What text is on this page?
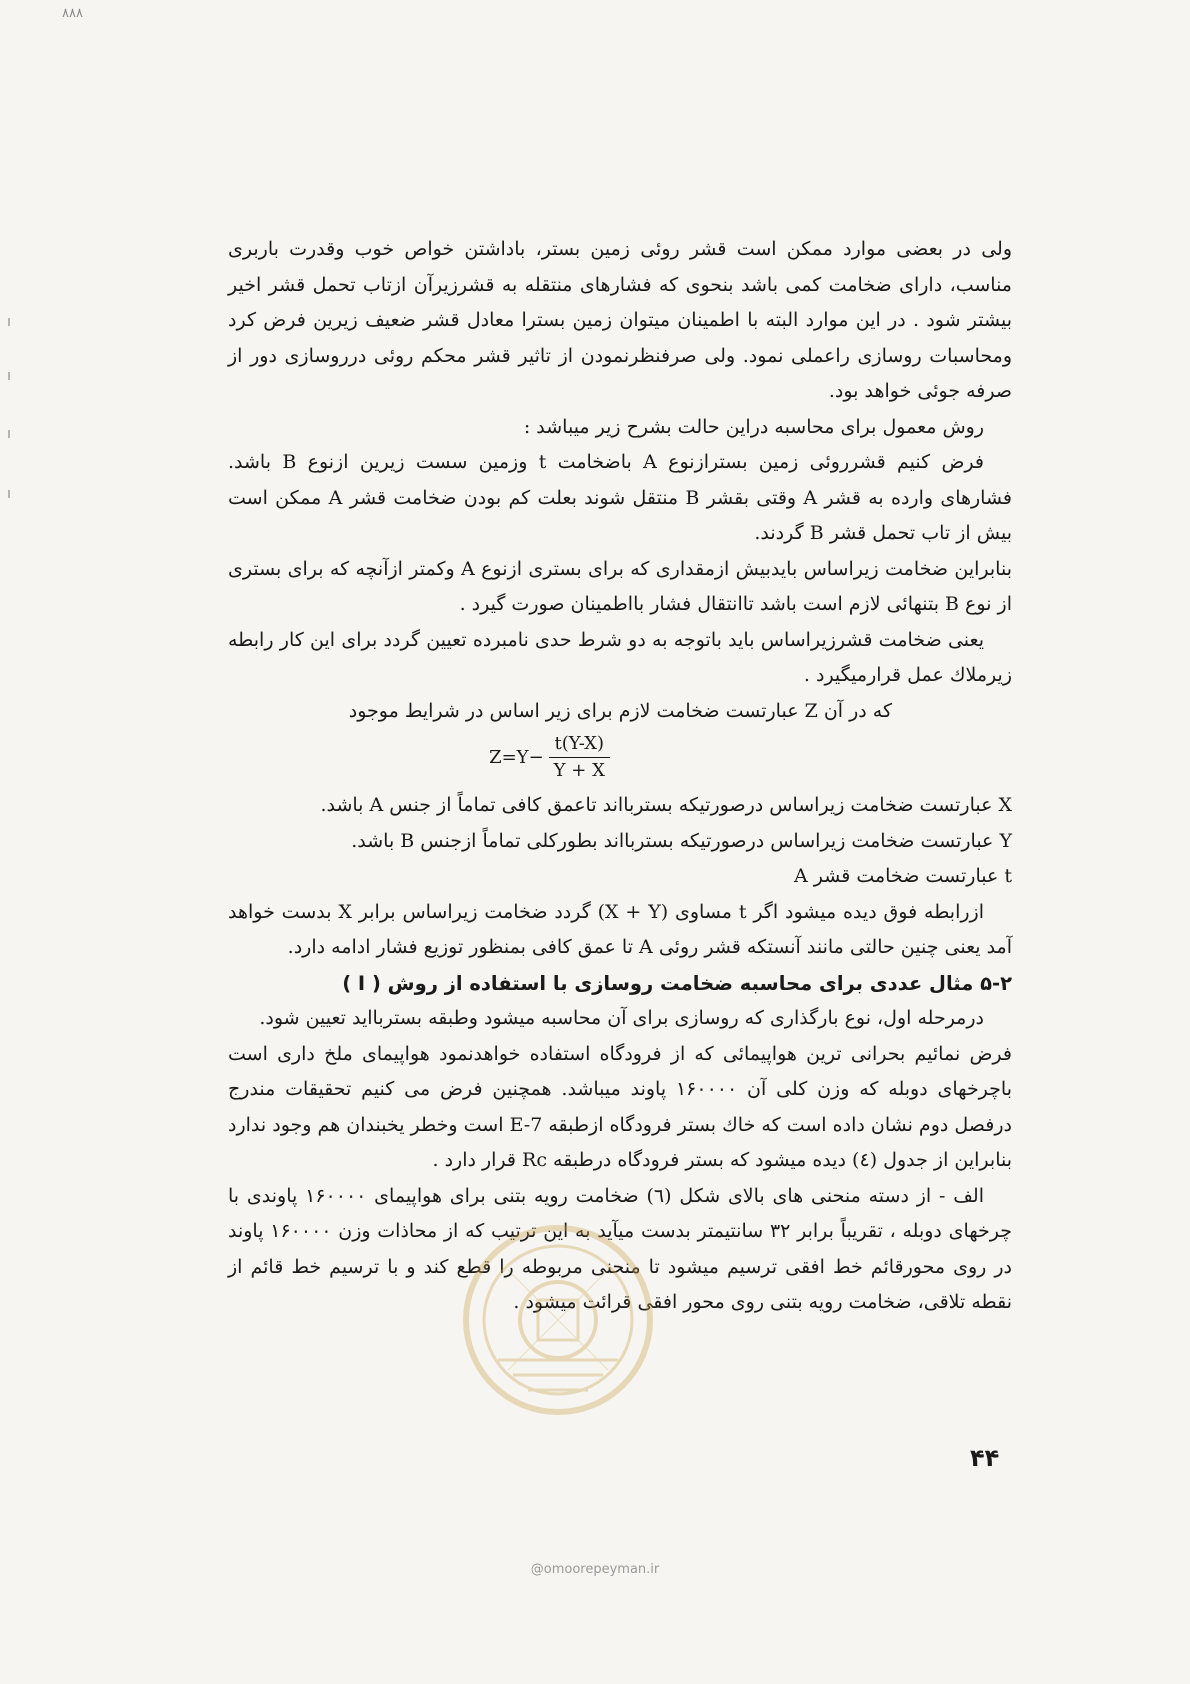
۸۸۸

ولی در بعضی موارد ممکن است قشر روئی زمین بستر، باداشتن خواص خوب وقدرت باربری مناسب، دارای ضخامت کمی باشد بنحوی که فشارهای منتقله به قشرزیرآن ازتاب تحمل قشر اخیر بیشتر شود . در این موارد البته با اطمینان میتوان زمین بسترا معادل قشر ضعیف زیرین فرض کرد ومحاسبات روسازی راعملی نمود. ولی صرفنظرنمودن از تاثیر قشر محکم روئی درروسازی دور از صرفه جوئی خواهد بود.

روش معمول برای محاسبه دراین حالت بشرح زیر میباشد :

فرض کنیم قشرروئی زمین بسترازنوع A باضخامت t وزمین سست زیرین ازنوع B باشد. فشارهای وارده به قشر A وقتی بقشر B منتقل شوند بعلت کم بودن ضخامت قشر A ممکن است بیش از تاب تحمل قشر B گردند.

بنابراین ضخامت زیراساس بایدبیش ازمقداری که برای بستری ازنوع A وکمتر ازآنچه که برای بستری از نوع B بتنهائی لازم است باشد تاانتقال فشار بااطمینان صورت گیرد .

یعنی ضخامت قشرزیراساس باید باتوجه به دو شرط حدی نامبرده تعیین گردد برای این کار رابطه زیرملاك عمل قرارمیگیرد .

که در آن Z عبارتست ضخامت لازم برای زیر اساس در شرایط موجود

$Z=Y- \frac{t(Y-X)}{Y + X}$

X عبارتست ضخامت زیراساس درصورتیکه بستربااند تاعمق کافی تماماً از جنس A باشد.

Y عبارتست ضخامت زیراساس درصورتیکه بستربااند بطورکلی تماماً ازجنس B باشد.

t عبارتست ضخامت قشر A

ازرابطه فوق دیده میشود اگر t مساوی (X + Y) گردد ضخامت زیراساس برابر X بدست خواهد آمد یعنی چنین حالتی مانند آنستکه قشر روئی A تا عمق کافی بمنظور توزیع فشار ادامه دارد.

۵-۲ مثال عددی برای محاسبه ضخامت روسازی با استفاده از روش ( I )

درمرحله اول، نوع بارگذاری که روسازی برای آن محاسبه میشود وطبقه بستربااید تعیین شود.

فرض نمائیم بحرانی ترین هواپیمائی که از فرودگاه استفاده خواهدنمود هواپیمای ملخ داری است باچرخهای دوبله که وزن کلی آن ۱۶۰۰۰۰ پاوند میباشد. همچنین فرض می کنیم تحقیقات مندرج درفصل دوم نشان داده است که خاك بستر فرودگاه ازطبقه E-7 است وخطر یخبندان هم وجود ندارد بنابراین از جدول (٤) دیده میشود که بستر فرودگاه درطبقه Rc قرار دارد .

الف - از دسته منحنی های بالای شکل (٦) ضخامت رویه بتنی برای هواپیمای ۱۶۰۰۰۰ پاوندی با چرخهای دوبله ، تقریباً برابر ۳۲ سانتیمتر بدست میآید به این ترتیب که از محاذات وزن ۱۶۰۰۰۰ پاوند در روی محورقائم خط افقی ترسیم میشود تا منحنی مربوطه را قطع کند و با ترسیم خط قائم از نقطه تلاقی، ضخامت رویه بتنی روی محور افقی قرائت میشود .

۴۴
@omoorepeyman.ir
